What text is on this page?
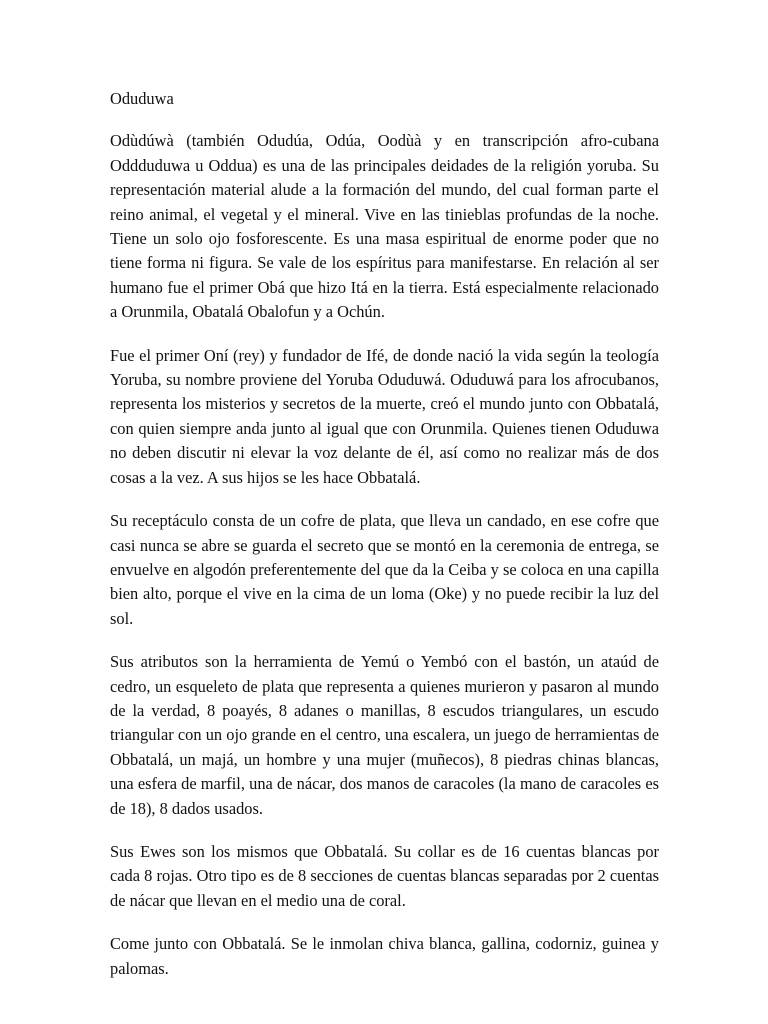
Oduduwa

Odùdúwà (también Odudúa, Odúa, Oodùà y en transcripción afro-cubana Oddduduwa u Oddua) es una de las principales deidades de la religión yoruba. Su representación material alude a la formación del mundo, del cual forman parte el reino animal, el vegetal y el mineral. Vive en las tinieblas profundas de la noche. Tiene un solo ojo fosforescente. Es una masa espiritual de enorme poder que no tiene forma ni figura. Se vale de los espíritus para manifestarse. En relación al ser humano fue el primer Obá que hizo Itá en la tierra. Está especialmente relacionado a Orunmila, Obatalá Obalofun y a Ochún.

Fue el primer Oní (rey) y fundador de Ifé, de donde nació la vida según la teología Yoruba, su nombre proviene del Yoruba Oduduwá. Oduduwá para los afrocubanos, representa los misterios y secretos de la muerte, creó el mundo junto con Obbatalá, con quien siempre anda junto al igual que con Orunmila. Quienes tienen Oduduwa no deben discutir ni elevar la voz delante de él, así como no realizar más de dos cosas a la vez. A sus hijos se les hace Obbatalá.

Su receptáculo consta de un cofre de plata, que lleva un candado, en ese cofre que casi nunca se abre se guarda el secreto que se montó en la ceremonia de entrega, se envuelve en algodón preferentemente del que da la Ceiba y se coloca en una capilla bien alto, porque el vive en la cima de un loma (Oke) y no puede recibir la luz del sol.

Sus atributos son la herramienta de Yemú o Yembó con el bastón, un ataúd de cedro, un esqueleto de plata que representa a quienes murieron y pasaron al mundo de la verdad, 8 poayés, 8 adanes o manillas, 8 escudos triangulares, un escudo triangular con un ojo grande en el centro, una escalera, un juego de herramientas de Obbatalá, un majá, un hombre y una mujer (muñecos), 8 piedras chinas blancas, una esfera de marfil, una de nácar, dos manos de caracoles (la mano de caracoles es de 18), 8 dados usados.

Sus Ewes son los mismos que Obbatalá. Su collar es de 16 cuentas blancas por cada 8 rojas. Otro tipo es de 8 secciones de cuentas blancas separadas por 2 cuentas de nácar que llevan en el medio una de coral.

Come junto con Obbatalá. Se le inmolan chiva blanca, gallina, codorniz, guinea y palomas.
